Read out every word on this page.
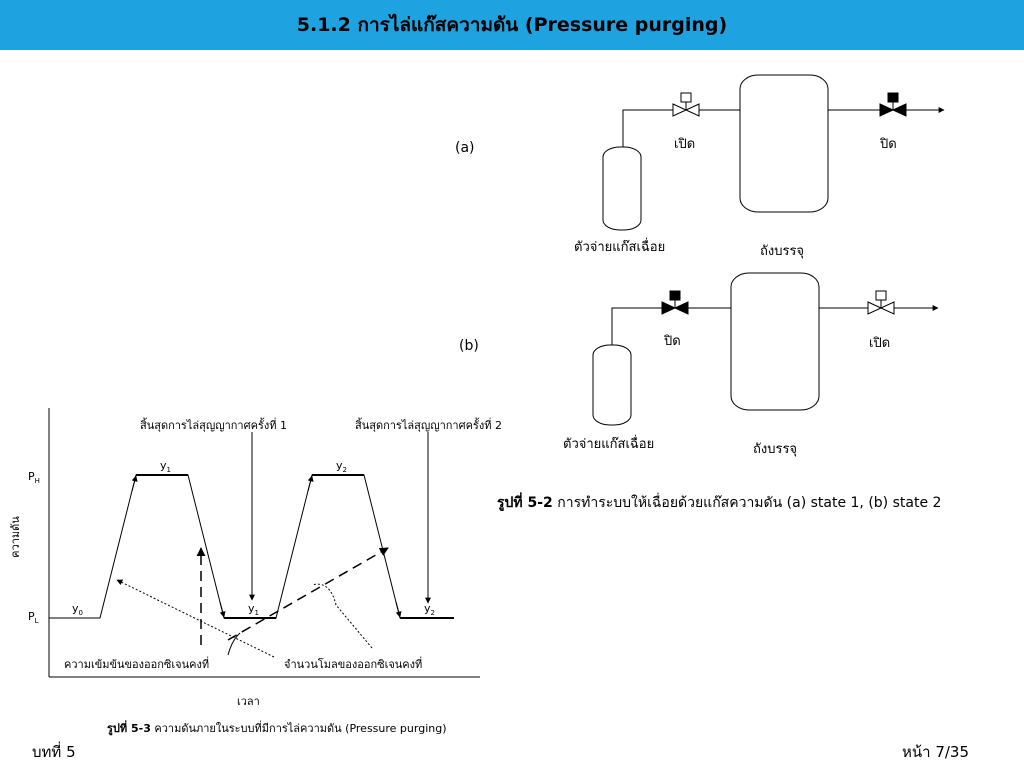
5.1.2 การไล่แก๊สความดัน (Pressure purging)
(a)	เปิด	ปิด
ตัวจ่ายแก๊สเฉื่อย	ถังบรรจุ
(b)	ปิด	เปิด
ตัวจ่ายแก๊สเฉื่อย	ถังบรรจุ
รูปที่ 5-2 การทำระบบให้เฉื่อยด้วยแก๊สความดัน (a) state 1, (b) state 2
สิ้นสุดการไล่สุญญากาศครั้งที่ 1	สิ้นสุดการไล่สุญญากาศครั้งที่ 2
$P_H$
$P_L$
$y_0$
$y_1$
$y_1$
$y_2$
$y_2$
ความเข้มข้นของออกซิเจนคงที่	จำนวนโมลของออกซิเจนคงที่
ความดัน
เวลา
รูปที่ 5-3 ความดันภายในระบบที่มีการไล่ความดัน (Pressure purging)
บทที่ 5	หน้า 7/35
